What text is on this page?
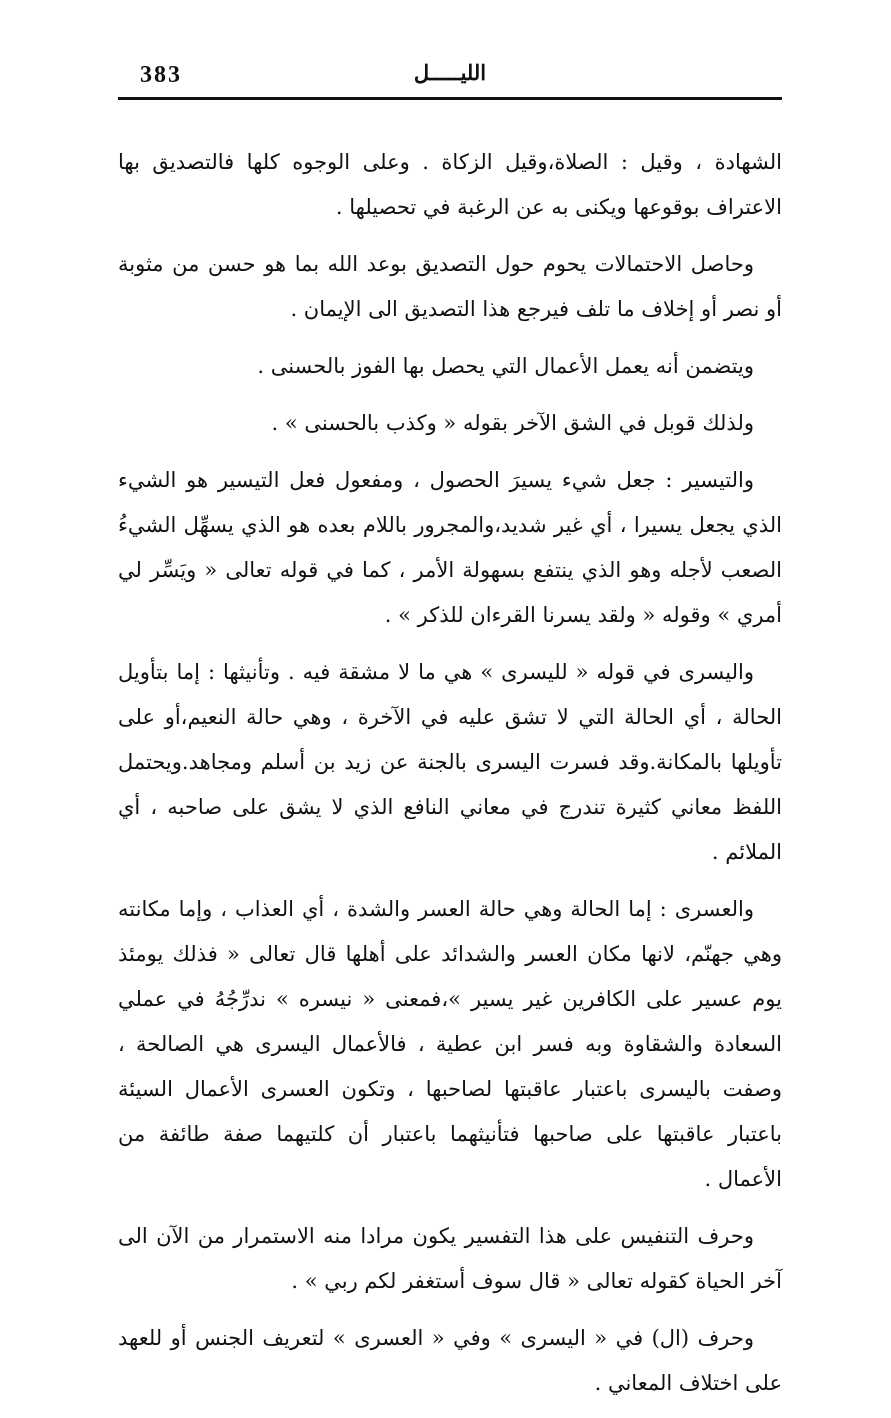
383	الليـــــل

الشهادة ، وقيل : الصلاة،وقيل الزكاة . وعلى الوجوه كلها فالتصديق بها الاعتراف بوقوعها ويكنى به عن الرغبة في تحصيلها .

وحاصل الاحتمالات يحوم حول التصديق بوعد الله بما هو حسن من مثوبة أو نصر أو إخلاف ما تلف فيرجع هذا التصديق الى الإيمان .

ويتضمن أنه يعمل الأعمال التي يحصل بها الفوز بالحسنى .

ولذلك قوبل في الشق الآخر بقوله « وكذب بالحسنى » .

والتيسير : جعل شيء يسيرَ الحصول ، ومفعول فعل التيسير هو الشيء الذي يجعل يسيرا ، أي غير شديد،والمجرور باللام بعده هو الذي يسهِّل الشيءُ الصعب لأجله وهو الذي ينتفع بسهولة الأمر ، كما في قوله تعالى « ويَسِّر لي أمري » وقوله « ولقد يسرنا القرءان للذكر » .

واليسرى في قوله « لليسرى » هي ما لا مشقة فيه . وتأنيثها : إما بتأويل الحالة ، أي الحالة التي لا تشق عليه في الآخرة ، وهي حالة النعيم،أو على تأويلها بالمكانة.وقد فسرت اليسرى بالجنة عن زيد بن أسلم ومجاهد.ويحتمل اللفظ معاني كثيرة تندرج في معاني النافع الذي لا يشق على صاحبه ، أي الملائم .

والعسرى : إما الحالة وهي حالة العسر والشدة ، أي العذاب ، وإما مكانته وهي جهنّم، لانها مكان العسر والشدائد على أهلها قال تعالى « فذلك يومئذ يوم عسير على الكافرين غير يسير »،فمعنى « نيسره » ندرِّجُهُ في عملي السعادة والشقاوة وبه فسر ابن عطية ، فالأعمال اليسرى هي الصالحة ، وصفت باليسرى باعتبار عاقبتها لصاحبها ، وتكون العسرى الأعمال السيئة باعتبار عاقبتها على صاحبها فتأنيثهما باعتبار أن كلتيهما صفة طائفة من الأعمال .

وحرف التنفيس على هذا التفسير يكون مرادا منه الاستمرار من الآن الى آخر الحياة كقوله تعالى « قال سوف أستغفر لكم ربي » .

وحرف (ال) في « اليسرى » وفي « العسرى » لتعريف الجنس أو للعهد على اختلاف المعاني .
